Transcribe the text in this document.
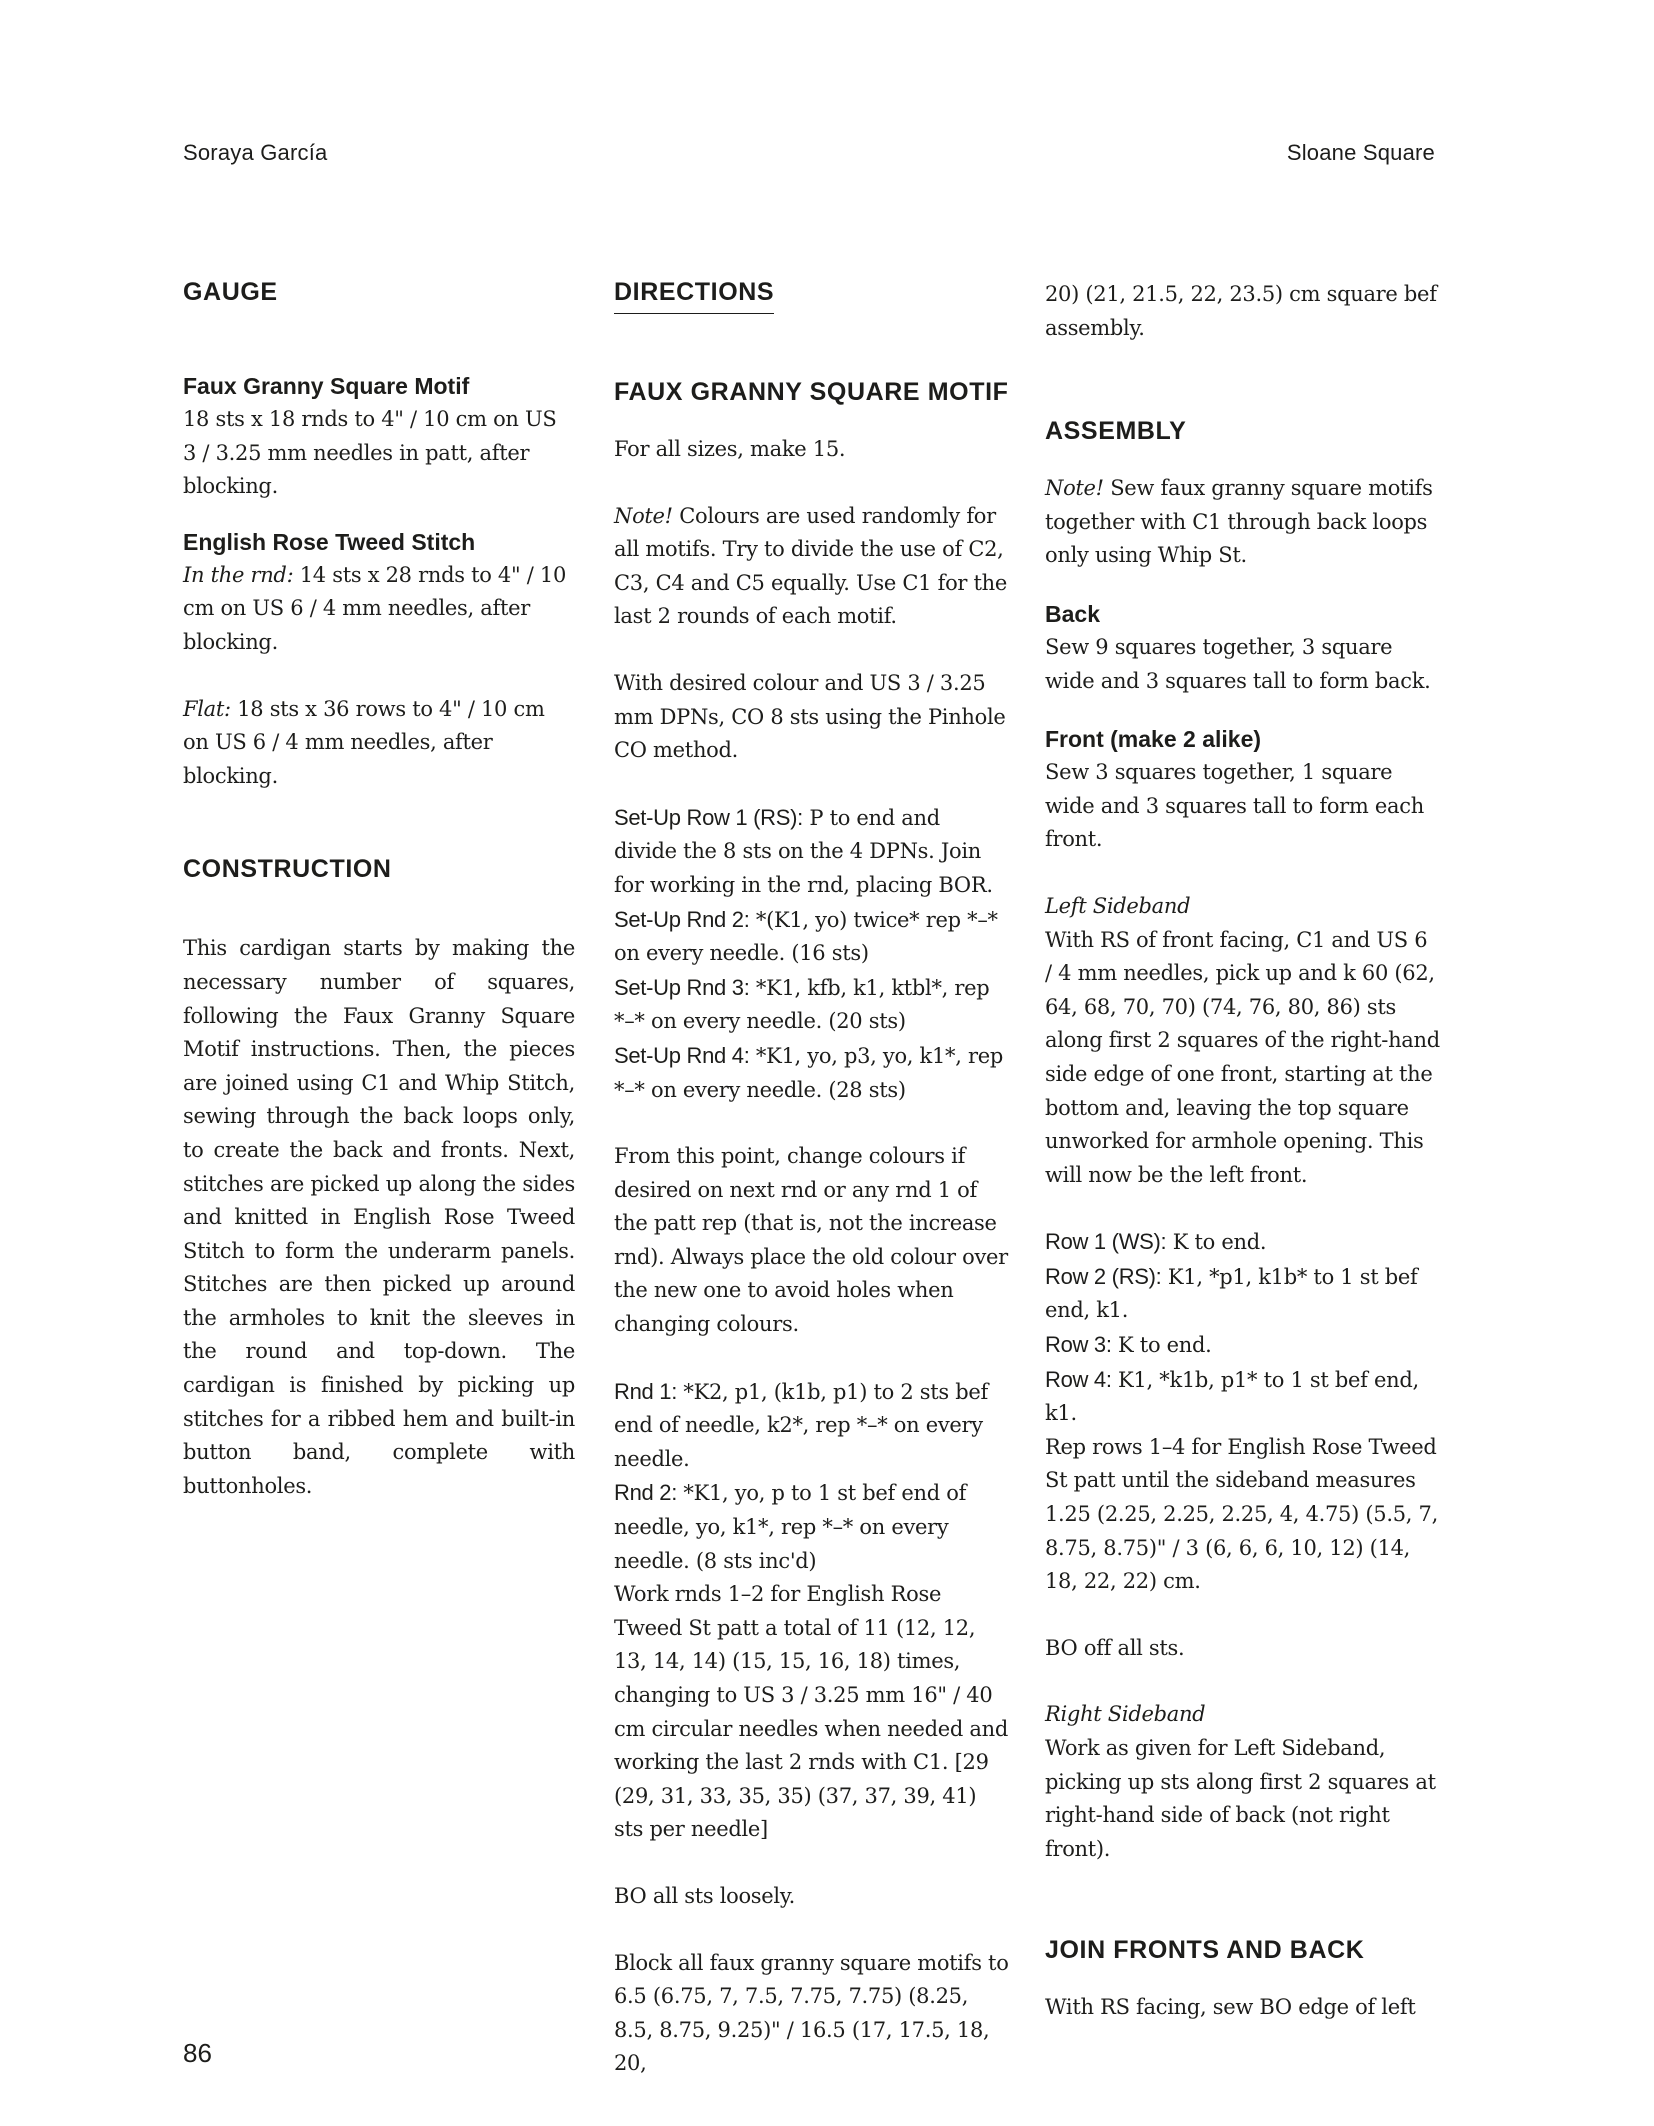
Soraya García	Sloane Square
GAUGE
Faux Granny Square Motif

18 sts x 18 rnds to 4" / 10 cm on US 3 / 3.25 mm needles in patt, after blocking.

English Rose Tweed Stitch

In the rnd: 14 sts x 28 rnds to 4" / 10 cm on US 6 / 4 mm needles, after blocking.

Flat: 18 sts x 36 rows to 4" / 10 cm on US 6 / 4 mm needles, after blocking.

CONSTRUCTION

This cardigan starts by making the necessary number of squares, following the Faux Granny Square Motif instructions. Then, the pieces are joined using C1 and Whip Stitch, sewing through the back loops only, to create the back and fronts. Next, stitches are picked up along the sides and knitted in English Rose Tweed Stitch to form the underarm panels. Stitches are then picked up around the armholes to knit the sleeves in the round and top-down. The cardigan is finished by picking up stitches for a ribbed hem and built-in button band, complete with buttonholes.

DIRECTIONS
FAUX GRANNY SQUARE MOTIF

For all sizes, make 15.

Note! Colours are used randomly for all motifs. Try to divide the use of C2, C3, C4 and C5 equally. Use C1 for the last 2 rounds of each motif.

With desired colour and US 3 / 3.25 mm DPNs, CO 8 sts using the Pinhole CO method.

Set-Up Row 1 (RS): P to end and divide the 8 sts on the 4 DPNs. Join for working in the rnd, placing BOR.

Set-Up Rnd 2: *(K1, yo) twice* rep *–* on every needle. (16 sts)

Set-Up Rnd 3: *K1, kfb, k1, ktbl*, rep *–* on every needle. (20 sts)

Set-Up Rnd 4: *K1, yo, p3, yo, k1*, rep *–* on every needle. (28 sts)

From this point, change colours if desired on next rnd or any rnd 1 of the patt rep (that is, not the increase rnd). Always place the old colour over the new one to avoid holes when changing colours.

Rnd 1: *K2, p1, (k1b, p1) to 2 sts bef end of needle, k2*, rep *–* on every needle.

Rnd 2: *K1, yo, p to 1 st bef end of needle, yo, k1*, rep *–* on every needle. (8 sts inc'd)

Work rnds 1–2 for English Rose Tweed St patt a total of 11 (12, 12, 13, 14, 14) (15, 15, 16, 18) times, changing to US 3 / 3.25 mm 16" / 40 cm circular needles when needed and working the last 2 rnds with C1. [29 (29, 31, 33, 35, 35) (37, 37, 39, 41) sts per needle]

BO all sts loosely.

Block all faux granny square motifs to 6.5 (6.75, 7, 7.5, 7.75, 7.75) (8.25, 8.5, 8.75, 9.25)" / 16.5 (17, 17.5, 18, 20,

20) (21, 21.5, 22, 23.5) cm square bef assembly.

ASSEMBLY

Note! Sew faux granny square motifs together with C1 through back loops only using Whip St.

Back

Sew 9 squares together, 3 square wide and 3 squares tall to form back.

Front (make 2 alike)

Sew 3 squares together, 1 square wide and 3 squares tall to form each front.

Left Sideband

With RS of front facing, C1 and US 6 / 4 mm needles, pick up and k 60 (62, 64, 68, 70, 70) (74, 76, 80, 86) sts along first 2 squares of the right-hand side edge of one front, starting at the bottom and, leaving the top square unworked for armhole opening. This will now be the left front.

Row 1 (WS): K to end.

Row 2 (RS): K1, *p1, k1b* to 1 st bef end, k1.

Row 3: K to end.

Row 4: K1, *k1b, p1* to 1 st bef end, k1.

Rep rows 1–4 for English Rose Tweed St patt until the sideband measures 1.25 (2.25, 2.25, 2.25, 4, 4.75) (5.5, 7, 8.75, 8.75)" / 3 (6, 6, 6, 10, 12) (14, 18, 22, 22) cm.

BO off all sts.

Right Sideband

Work as given for Left Sideband, picking up sts along first 2 squares at right-hand side of back (not right front).

JOIN FRONTS AND BACK

With RS facing, sew BO edge of left

86
